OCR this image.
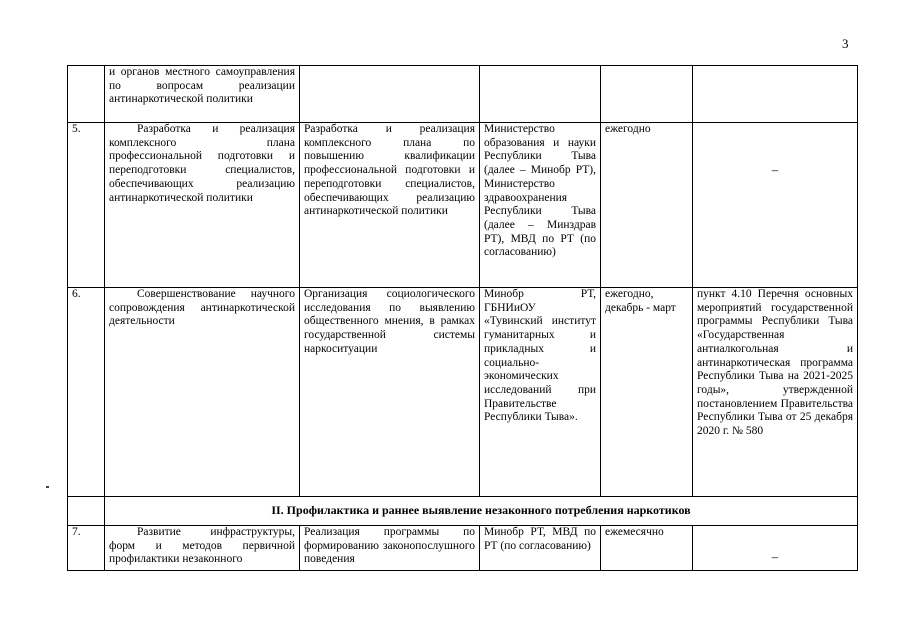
3
	и органов местного самоуправления по вопросам реализации антинаркотической политики				
5.	Разработка и реализация комплексного плана профессиональной подготовки и переподготовки специалистов, обеспечивающих реализацию антинаркотической политики	Разработка и реализация комплексного плана по повышению квалификации профессиональной подготовки и переподготовки специалистов, обеспечивающих реализацию антинаркотической политики	Министерство образования и науки Республики Тыва (далее – Минобр РТ), Министерство здравоохранения Республики Тыва (далее – Минздрав РТ), МВД по РТ (по согласованию)	ежегодно	–

6.	Совершенствование научного сопровождения антинаркотической деятельности	Организация социологического исследования по выявлению общественного мнения, в рамках государственной системы наркоситуации	Минобр РТ, ГБНИиОУ «Тувинский институт гуманитарных и прикладных и социально-экономических исследований при Правительстве Республики Тыва».	ежегодно, декабрь - март	пункт 4.10 Перечня основных мероприятий государственной программы Республики Тыва «Государственная антиалкогольная и антинаркотическая программа Республики Тыва на 2021-2025 годы», утвержденной постановлением Правительства Республики Тыва от 25 декабря 2020 г. № 580
	II. Профилактика и раннее выявление незаконного потребления наркотиков				
7.	Развитие инфраструктуры, форм и методов первичной профилактики незаконного	Реализация программы по формированию законопослушного поведения	Минобр РТ, МВД по РТ (по согласованию)	ежемесячно	–
